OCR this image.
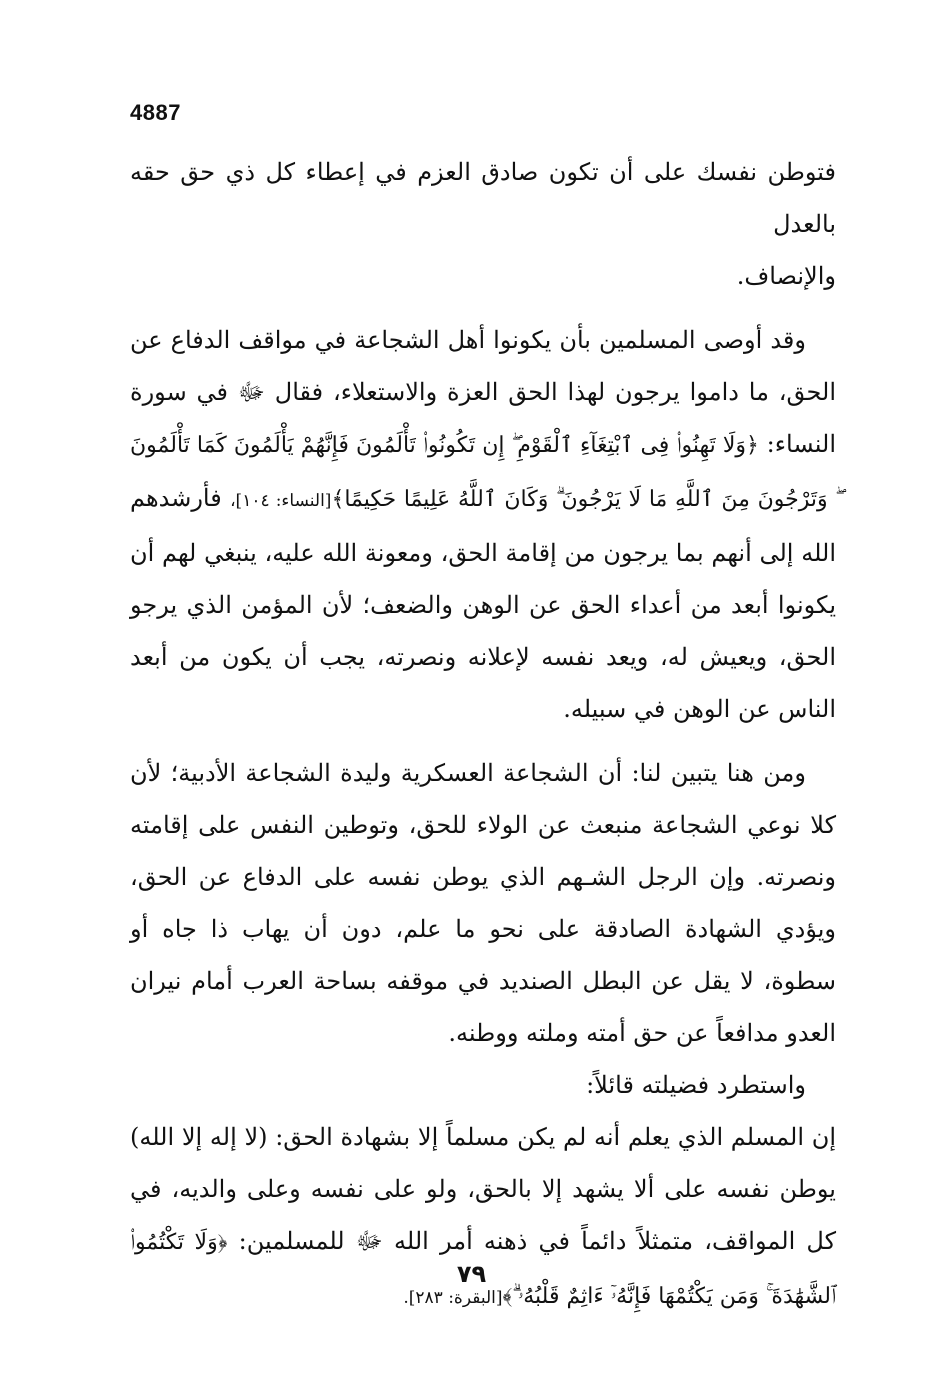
4887

فتوطن نفسك على أن تكون صادق العزم في إعطاء كل ذي حق حقه بالعدل

والإنصاف.

وقد أوصى المسلمين بأن يكونوا أهل الشجاعة في مواقف الدفاع عن الحق، ما داموا يرجون لهذا الحق العزة والاستعلاء، فقال ﷻ في سورة النساء: ﴿وَلَا تَهِنُوا۟ فِى ٱبْتِغَآءِ ٱلْقَوْمِ ۖ إِن تَكُونُوا۟ تَأْلَمُونَ فَإِنَّهُمْ يَأْلَمُونَ كَمَا تَأْلَمُونَ ۖ وَتَرْجُونَ مِنَ ٱللَّهِ مَا لَا يَرْجُونَ ۗ وَكَانَ ٱللَّهُ عَلِيمًا حَكِيمًا﴾[النساء: ١٠٤]، فأرشدهم الله إلى أنهم بما يرجون من إقامة الحق، ومعونة الله عليه، ينبغي لهم أن يكونوا أبعد من أعداء الحق عن الوهن والضعف؛ لأن المؤمن الذي يرجو الحق، ويعيش له، ويعد نفسه لإعلانه ونصرته، يجب أن يكون من أبعد الناس عن الوهن في سبيله.

ومن هنا يتبين لنا: أن الشجاعة العسكرية وليدة الشجاعة الأدبية؛ لأن كلا نوعي الشجاعة منبعث عن الولاء للحق، وتوطين النفس على إقامته ونصرته. وإن الرجل الشـهم الذي يوطن نفسه على الدفاع عن الحق، ويؤدي الشهادة الصادقة على نحو ما علم، دون أن يهاب ذا جاه أو سطوة، لا يقل عن البطل الصنديد في موقفه بساحة العرب أمام نيران العدو مدافعاً عن حق أمته وملته ووطنه.

واستطرد فضيلته قائلاً:

إن المسلم الذي يعلم أنه لم يكن مسلماً إلا بشهادة الحق: (لا إله إلا الله) يوطن نفسه على ألا يشهد إلا بالحق، ولو على نفسه وعلى والديه، في كل المواقف، متمثلاً دائماً في ذهنه أمر الله ﷻ للمسلمين: ﴿وَلَا تَكْتُمُوا۟ ٱلشَّهَٰدَةَ ۚ وَمَن يَكْتُمْهَا فَإِنَّهُۥٓ ءَاثِمٌ قَلْبُهُۥ ۗ﴾[البقرة: ٢٨٣].

٧٩
